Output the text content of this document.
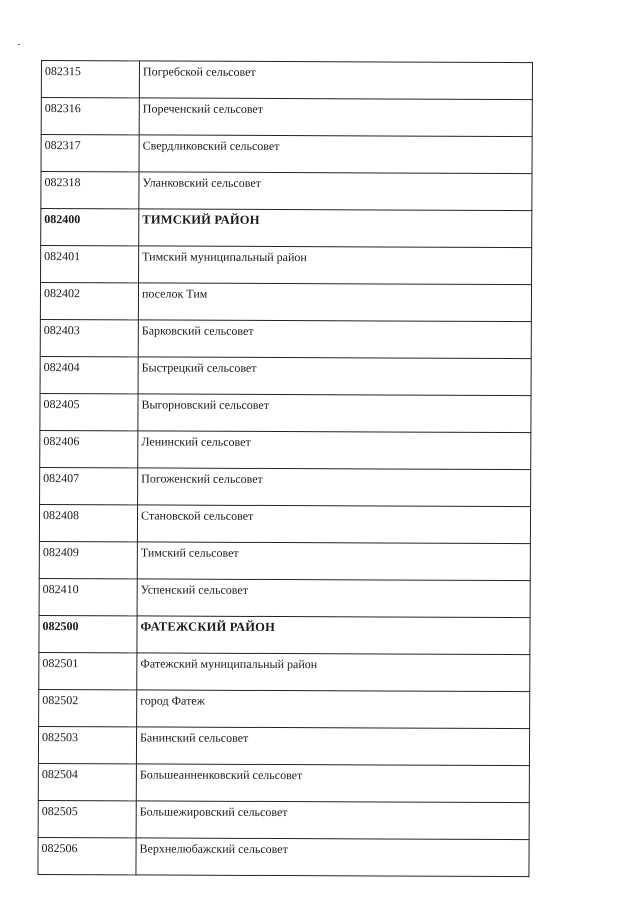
082315	Погребской сельсовет
082316	Пореченский сельсовет
082317	Свердликовский сельсовет
082318	Уланковский сельсовет
082400	ТИМСКИЙ РАЙОН
082401	Тимский муниципальный район
082402	поселок Тим
082403	Барковский сельсовет
082404	Быстрецкий сельсовет
082405	Выгорновский сельсовет
082406	Ленинский сельсовет
082407	Погоженский сельсовет
082408	Становской сельсовет
082409	Тимский сельсовет
082410	Успенский сельсовет
082500	ФАТЕЖСКИЙ РАЙОН
082501	Фатежский муниципальный район
082502	город Фатеж
082503	Банинский сельсовет
082504	Большеанненковский сельсовет
082505	Большежировский сельсовет
082506	Верхнелюбажский сельсовет
